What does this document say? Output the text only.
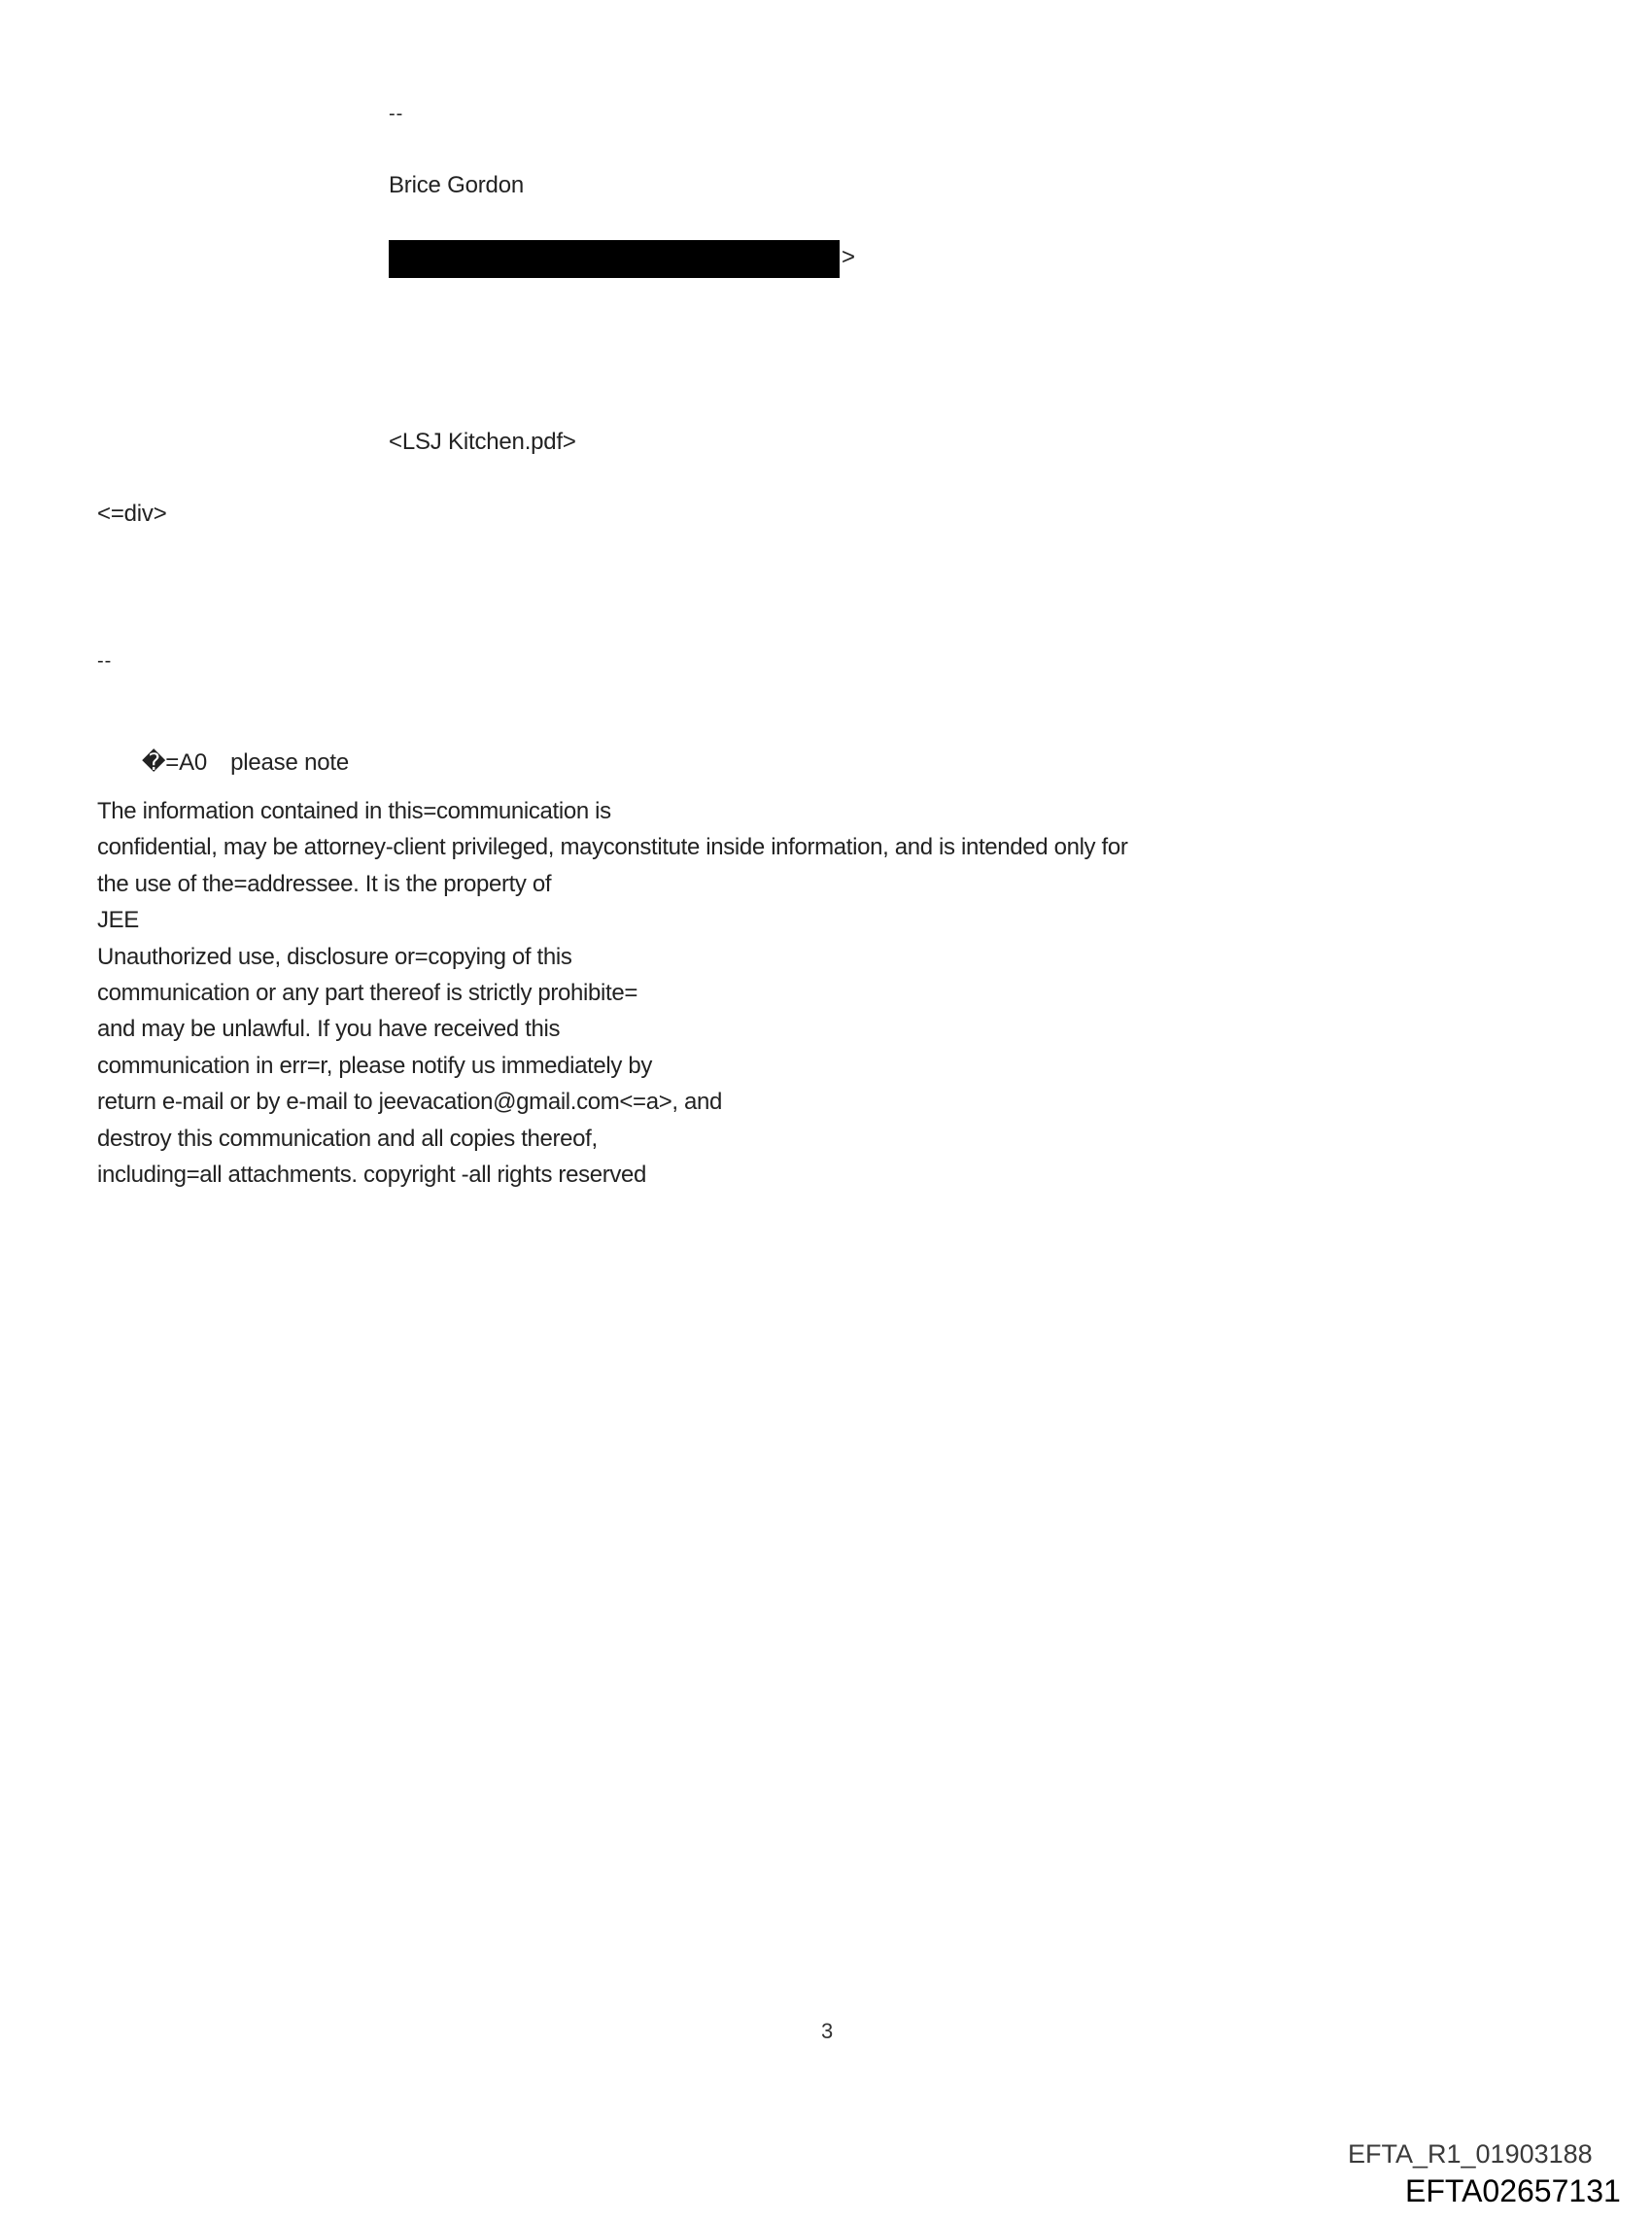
--
Brice Gordon
>
<LSJ Kitchen.pdf>
<=div>
--

�=A0 please note

The information contained in this=communication is
confidential, may be attorney-client privileged, mayconstitute inside information, and is intended only for
the use of the=addressee. It is the property of
JEE
Unauthorized use, disclosure or=copying of this
communication or any part thereof is strictly prohibite=
and may be unlawful. If you have received this
communication in err=r, please notify us immediately by
return e-mail or by e-mail to jeevacation@gmail.com<=a>, and
destroy this communication and all copies thereof,
including=all attachments. copyright -all rights reserved
3
EFTA_R1_01903188
EFTA02657131
